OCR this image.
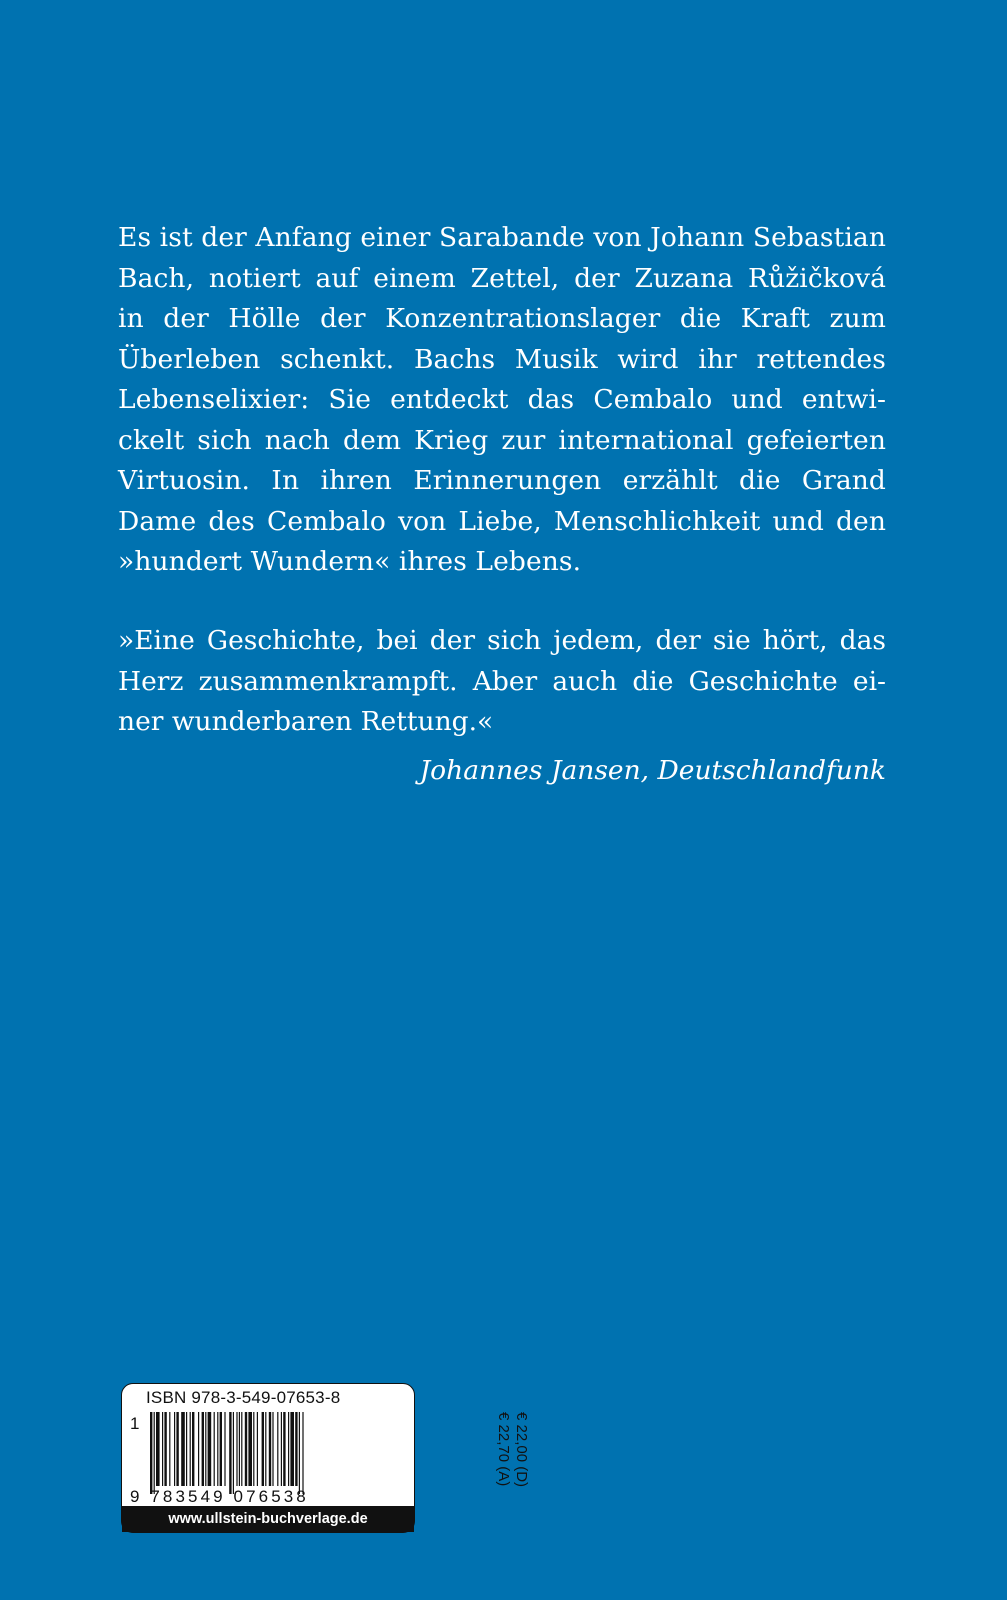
Es ist der Anfang einer Sarabande von Johann Sebastian
Bach, notiert auf einem Zettel, der Zuzana Růžičková
in der Hölle der Konzentrationslager die Kraft zum
Überleben schenkt. Bachs Musik wird ihr rettendes
Lebenselixier: Sie entdeckt das Cembalo und entwi-
ckelt sich nach dem Krieg zur international gefeierten
Virtuosin. In ihren Erinnerungen erzählt die Grand
Dame des Cembalo von Liebe, Menschlichkeit und den
»hundert Wundern« ihres Lebens.
»Eine Geschichte, bei der sich jedem, der sie hört, das
Herz zusammenkrampft. Aber auch die Geschichte ei-
ner wunderbaren Rettung.«
Johannes Jansen, Deutschlandfunk
ISBN 978-3-549-07653-8
1
9 783549 076538
€ 22,00 (D)
€ 22,70 (A)
www.ullstein-buchverlage.de
